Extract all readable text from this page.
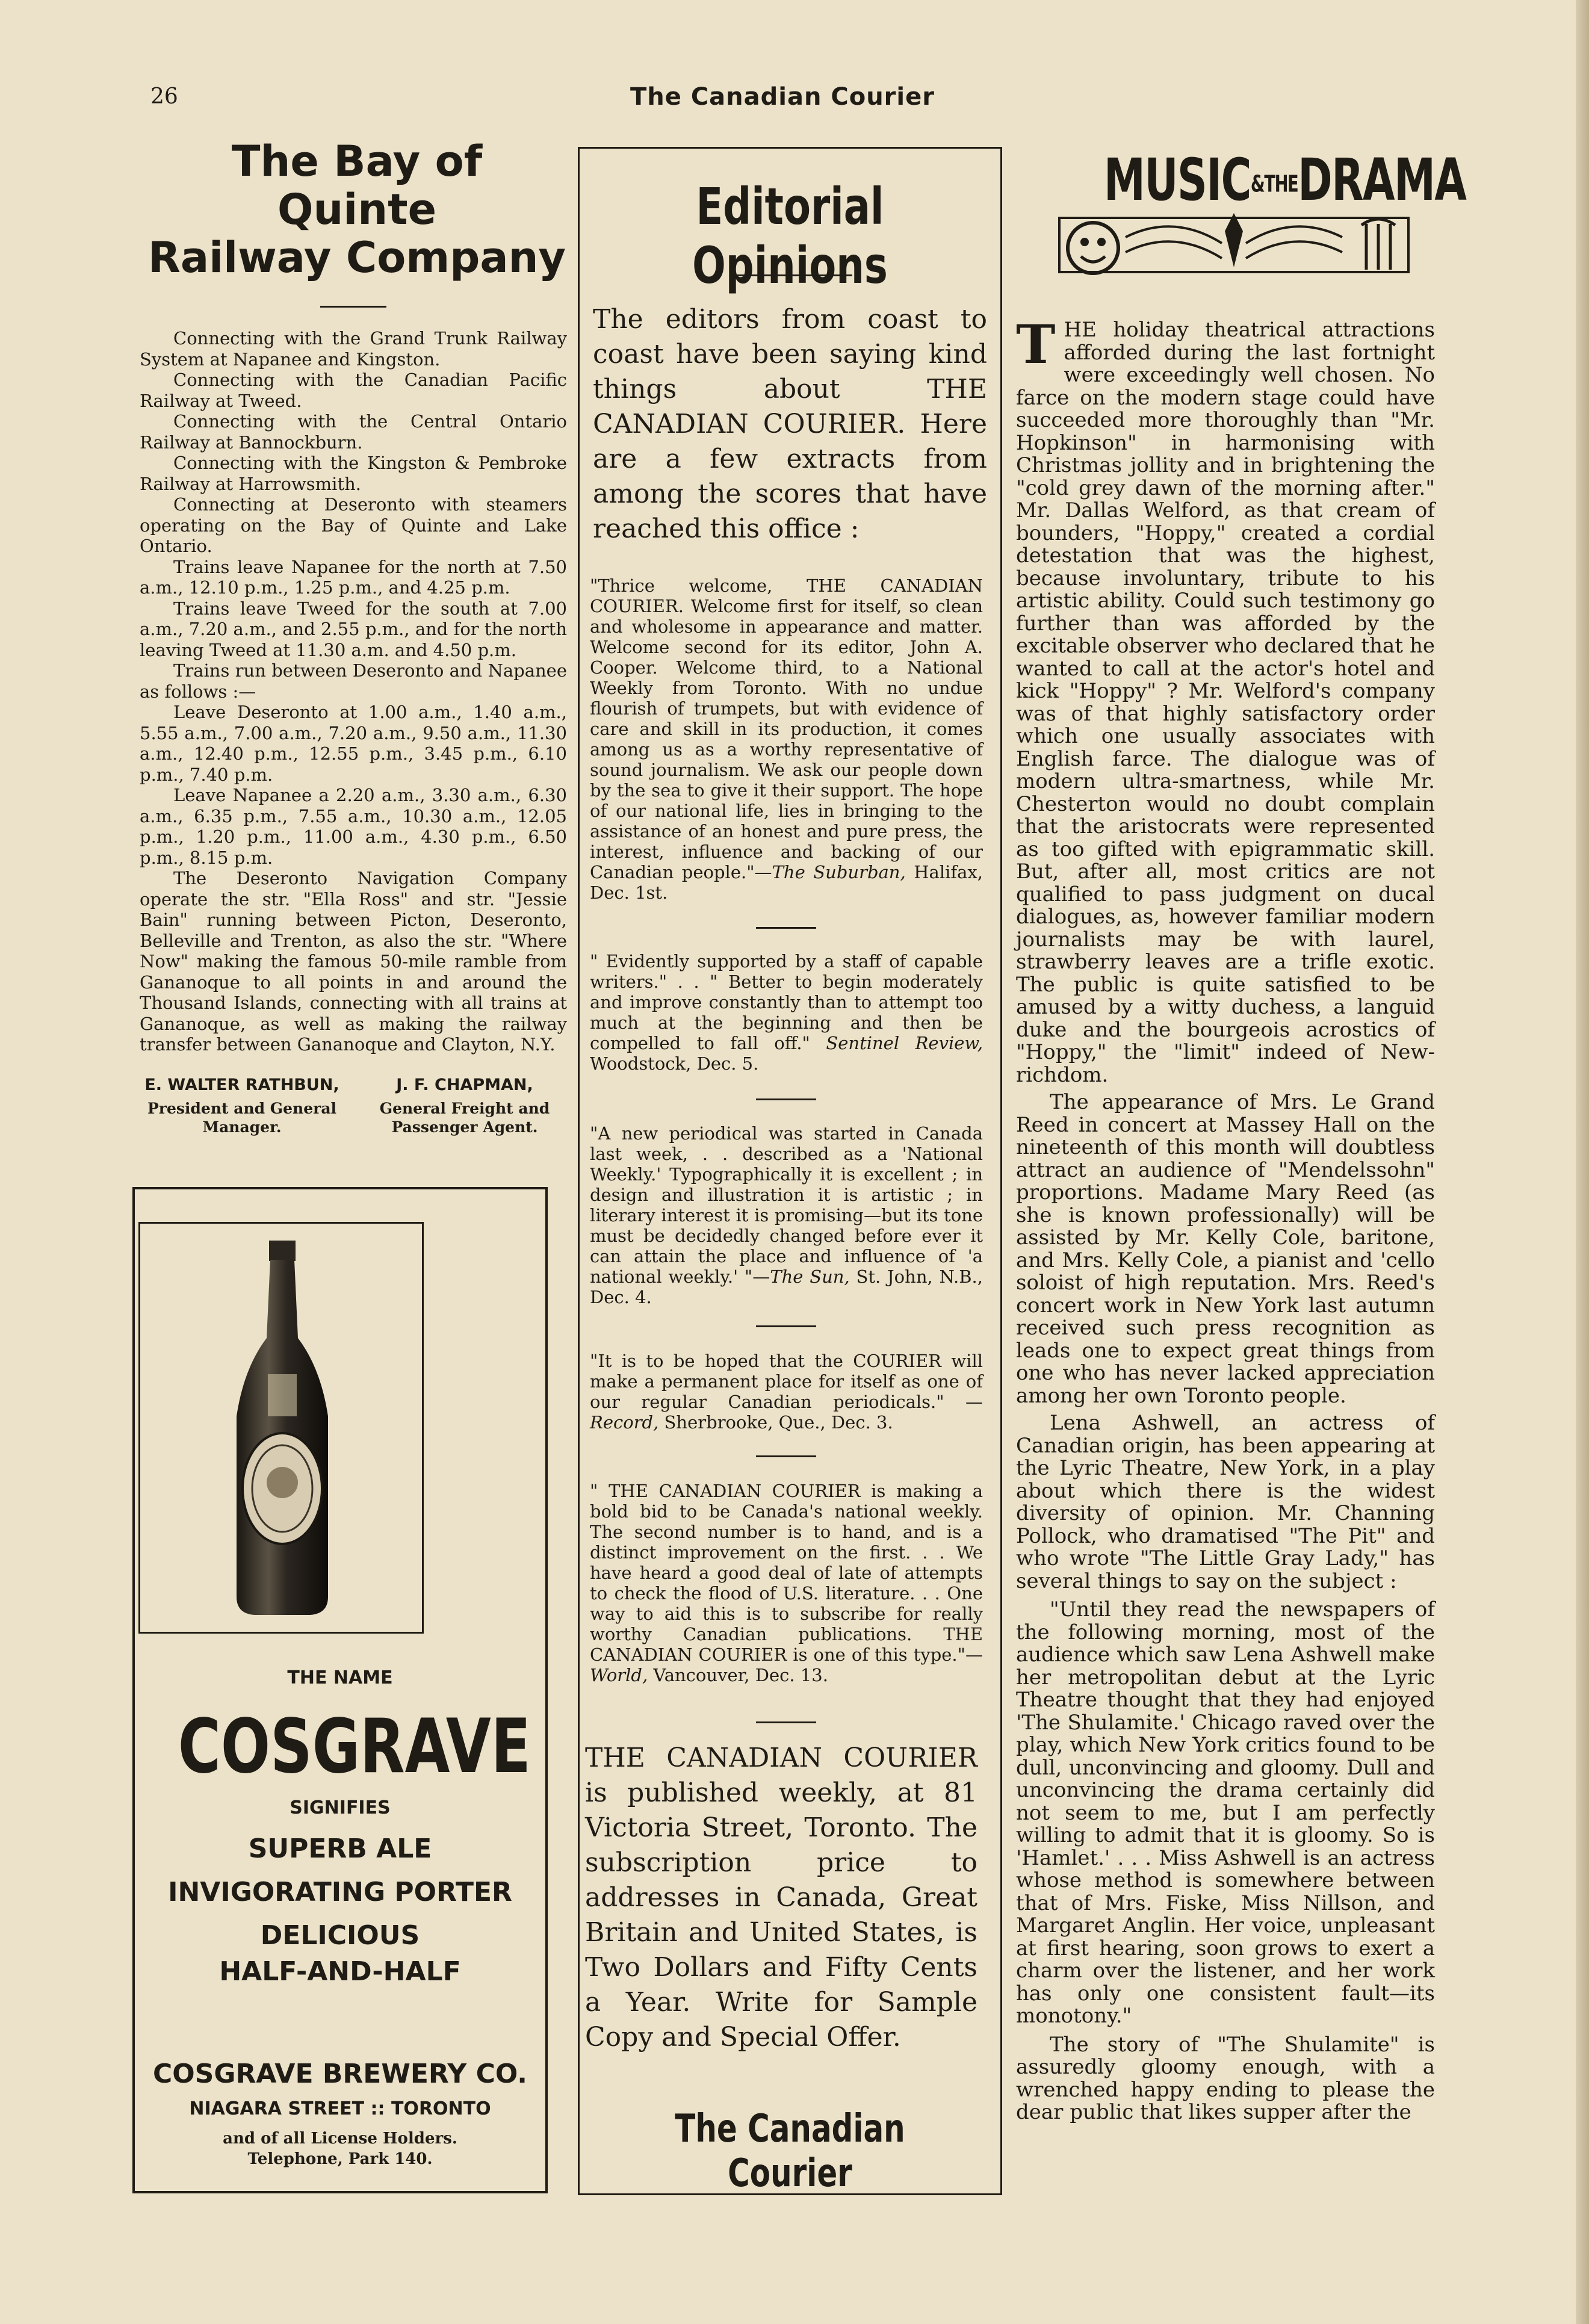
26	The Canadian Courier
The Bay of Quinte
Railway Company

Connecting with the Grand Trunk Railway System at Napanee and Kingston.

Connecting with the Canadian Pacific Railway at Tweed.

Connecting with the Central Ontario Railway at Bannockburn.

Connecting with the Kingston & Pembroke Railway at Harrowsmith.

Connecting at Deseronto with steamers operating on the Bay of Quinte and Lake Ontario.

Trains leave Napanee for the north at 7.50 a.m., 12.10 p.m., 1.25 p.m., and 4.25 p.m.

Trains leave Tweed for the south at 7.00 a.m., 7.20 a.m., and 2.55 p.m., and for the north leaving Tweed at 11.30 a.m. and 4.50 p.m.

Trains run between Deseronto and Napanee as follows :—

Leave Deseronto at 1.00 a.m., 1.40 a.m., 5.55 a.m., 7.00 a.m., 7.20 a.m., 9.50 a.m., 11.30 a.m., 12.40 p.m., 12.55 p.m., 3.45 p.m., 6.10 p.m., 7.40 p.m.

Leave Napanee a 2.20 a.m., 3.30 a.m., 6.30 a.m., 6.35 p.m., 7.55 a.m., 10.30 a.m., 12.05 p.m., 1.20 p.m., 11.00 a.m., 4.30 p.m., 6.50 p.m., 8.15 p.m.

The Deseronto Navigation Company operate the str. "Ella Ross" and str. "Jessie Bain" running between Picton, Deseronto, Belleville and Trenton, as also the str. "Where Now" making the famous 50-mile ramble from Gananoque to all points in and around the Thousand Islands, connecting with all trains at Gananoque, as well as making the railway transfer between Gananoque and Clayton, N.Y.

E. WALTER RATHBUN,
President and General Manager.
J. F. CHAPMAN,
General Freight and Passenger Agent.
THE NAME
COSGRAVE
SIGNIFIES
SUPERB ALE
INVIGORATING PORTER
DELICIOUS
HALF-AND-HALF
COSGRAVE BREWERY CO.
NIAGARA STREET :: TORONTO
and of all License Holders.
Telephone, Park 140.
Editorial Opinions

The editors from coast to coast have been saying kind things about THE CANADIAN COURIER. Here are a few extracts from among the scores that have reached this office :

"Thrice welcome, THE CANADIAN COURIER. Welcome first for itself, so clean and wholesome in appearance and matter. Welcome second for its editor, John A. Cooper. Welcome third, to a National Weekly from Toronto. With no undue flourish of trumpets, but with evidence of care and skill in its production, it comes among us as a worthy representative of sound journalism. We ask our people down by the sea to give it their support. The hope of our national life, lies in bringing to the assistance of an honest and pure press, the interest, influence and backing of our Canadian people."—The Suburban, Halifax, Dec. 1st.

" Evidently supported by a staff of capable writers." . . " Better to begin moderately and improve constantly than to attempt too much at the beginning and then be compelled to fall off." Sentinel Review, Woodstock, Dec. 5.

"A new periodical was started in Canada last week, . . described as a 'National Weekly.' Typographically it is excellent ; in design and illustration it is artistic ; in literary interest it is promising—but its tone must be decidedly changed before ever it can attain the place and influence of 'a national weekly.' "—The Sun, St. John, N.B., Dec. 4.

"It is to be hoped that the COURIER will make a permanent place for itself as one of our regular Canadian periodicals." —Record, Sherbrooke, Que., Dec. 3.

" THE CANADIAN COURIER is making a bold bid to be Canada's national weekly. The second number is to hand, and is a distinct improvement on the first. . . We have heard a good deal of late of attempts to check the flood of U.S. literature. . . One way to aid this is to subscribe for really worthy Canadian publications. THE CANADIAN COURIER is one of this type."—World, Vancouver, Dec. 13.

THE CANADIAN COURIER is published weekly, at 81 Victoria Street, Toronto. The subscription price to addresses in Canada, Great Britain and United States, is Two Dollars and Fifty Cents a Year. Write for Sample Copy and Special Offer.

The Canadian Courier
MUSIC&THEDRAMA

THE holiday theatrical attractions afforded during the last fortnight were exceedingly well chosen. No farce on the modern stage could have succeeded more thoroughly than "Mr. Hopkinson" in harmonising with Christmas jollity and in brightening the "cold grey dawn of the morning after." Mr. Dallas Welford, as that cream of bounders, "Hoppy," created a cordial detestation that was the highest, because involuntary, tribute to his artistic ability. Could such testimony go further than was afforded by the excitable observer who declared that he wanted to call at the actor's hotel and kick "Hoppy" ? Mr. Welford's company was of that highly satisfactory order which one usually associates with English farce. The dialogue was of modern ultra-smartness, while Mr. Chesterton would no doubt complain that the aristocrats were represented as too gifted with epigrammatic skill. But, after all, most critics are not qualified to pass judgment on ducal dialogues, as, however familiar modern journalists may be with laurel, strawberry leaves are a trifle exotic. The public is quite satisfied to be amused by a witty duchess, a languid duke and the bourgeois acrostics of "Hoppy," the "limit" indeed of New-richdom.

The appearance of Mrs. Le Grand Reed in concert at Massey Hall on the nineteenth of this month will doubtless attract an audience of "Mendelssohn" proportions. Madame Mary Reed (as she is known professionally) will be assisted by Mr. Kelly Cole, baritone, and Mrs. Kelly Cole, a pianist and 'cello soloist of high reputation. Mrs. Reed's concert work in New York last autumn received such press recognition as leads one to expect great things from one who has never lacked appreciation among her own Toronto people.

Lena Ashwell, an actress of Canadian origin, has been appearing at the Lyric Theatre, New York, in a play about which there is the widest diversity of opinion. Mr. Channing Pollock, who dramatised "The Pit" and who wrote "The Little Gray Lady," has several things to say on the subject :

"Until they read the newspapers of the following morning, most of the audience which saw Lena Ashwell make her metropolitan debut at the Lyric Theatre thought that they had enjoyed 'The Shulamite.' Chicago raved over the play, which New York critics found to be dull, unconvincing and gloomy. Dull and unconvincing the drama certainly did not seem to me, but I am perfectly willing to admit that it is gloomy. So is 'Hamlet.' . . . Miss Ashwell is an actress whose method is somewhere between that of Mrs. Fiske, Miss Nillson, and Margaret Anglin. Her voice, unpleasant at first hearing, soon grows to exert a charm over the listener, and her work has only one consistent fault—its monotony."

The story of "The Shulamite" is assuredly gloomy enough, with a wrenched happy ending to please the dear public that likes supper after the
